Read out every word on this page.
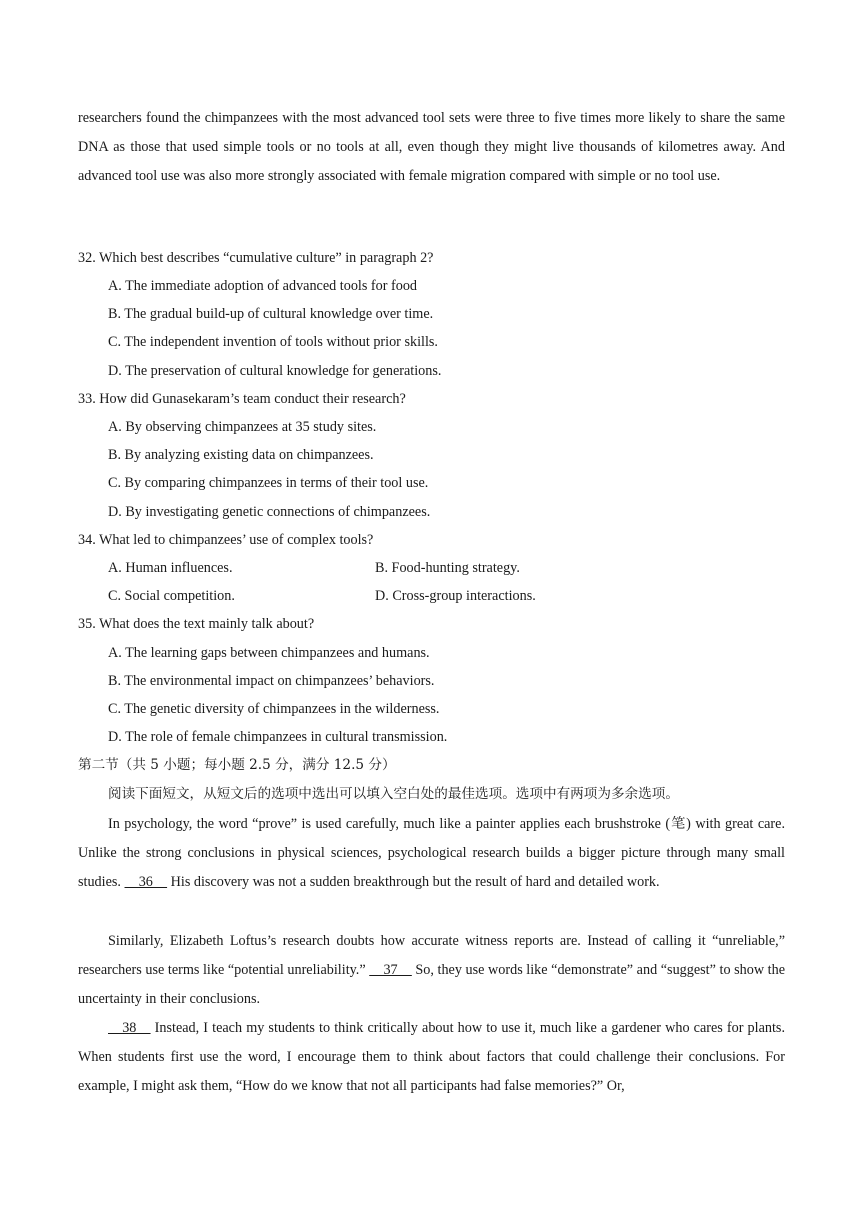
researchers found the chimpanzees with the most advanced tool sets were three to five times more likely to share the same DNA as those that used simple tools or no tools at all, even though they might live thousands of kilometres away. And advanced tool use was also more strongly associated with female migration compared with simple or no tool use.

32. Which best describes “cumulative culture” in paragraph 2?
A. The immediate adoption of advanced tools for food
B. The gradual build-up of cultural knowledge over time.
C. The independent invention of tools without prior skills.
D. The preservation of cultural knowledge for generations.
33. How did Gunasekaram’s team conduct their research?
A. By observing chimpanzees at 35 study sites.
B. By analyzing existing data on chimpanzees.
C. By comparing chimpanzees in terms of their tool use.
D. By investigating genetic connections of chimpanzees.
34. What led to chimpanzees’ use of complex tools?
A. Human influences.	B. Food-hunting strategy.
C. Social competition.	D. Cross-group interactions.
35. What does the text mainly talk about?
A. The learning gaps between chimpanzees and humans.
B. The environmental impact on chimpanzees’ behaviors.
C. The genetic diversity of chimpanzees in the wilderness.
D. The role of female chimpanzees in cultural transmission.
第二节（共 5 小题；每小题 2.5 分，满分 12.5 分）
阅读下面短文，从短文后的选项中选出可以填入空白处的最佳选项。选项中有两项为多余选项。

In psychology, the word “prove” is used carefully, much like a painter applies each brushstroke (笔) with great care. Unlike the strong conclusions in physical sciences, psychological research builds a bigger picture through many small studies.     36     His discovery was not a sudden breakthrough but the result of hard and detailed work.

Similarly, Elizabeth Loftus’s research doubts how accurate witness reports are. Instead of calling it “unreliable,” researchers use terms like “potential unreliability.”     37     So, they use words like “demonstrate” and “suggest” to show the uncertainty in their conclusions.

38     Instead, I teach my students to think critically about how to use it, much like a gardener who cares for plants. When students first use the word, I encourage them to think about factors that could challenge their conclusions. For example, I might ask them, “How do we know that not all participants had false memories?” Or,
